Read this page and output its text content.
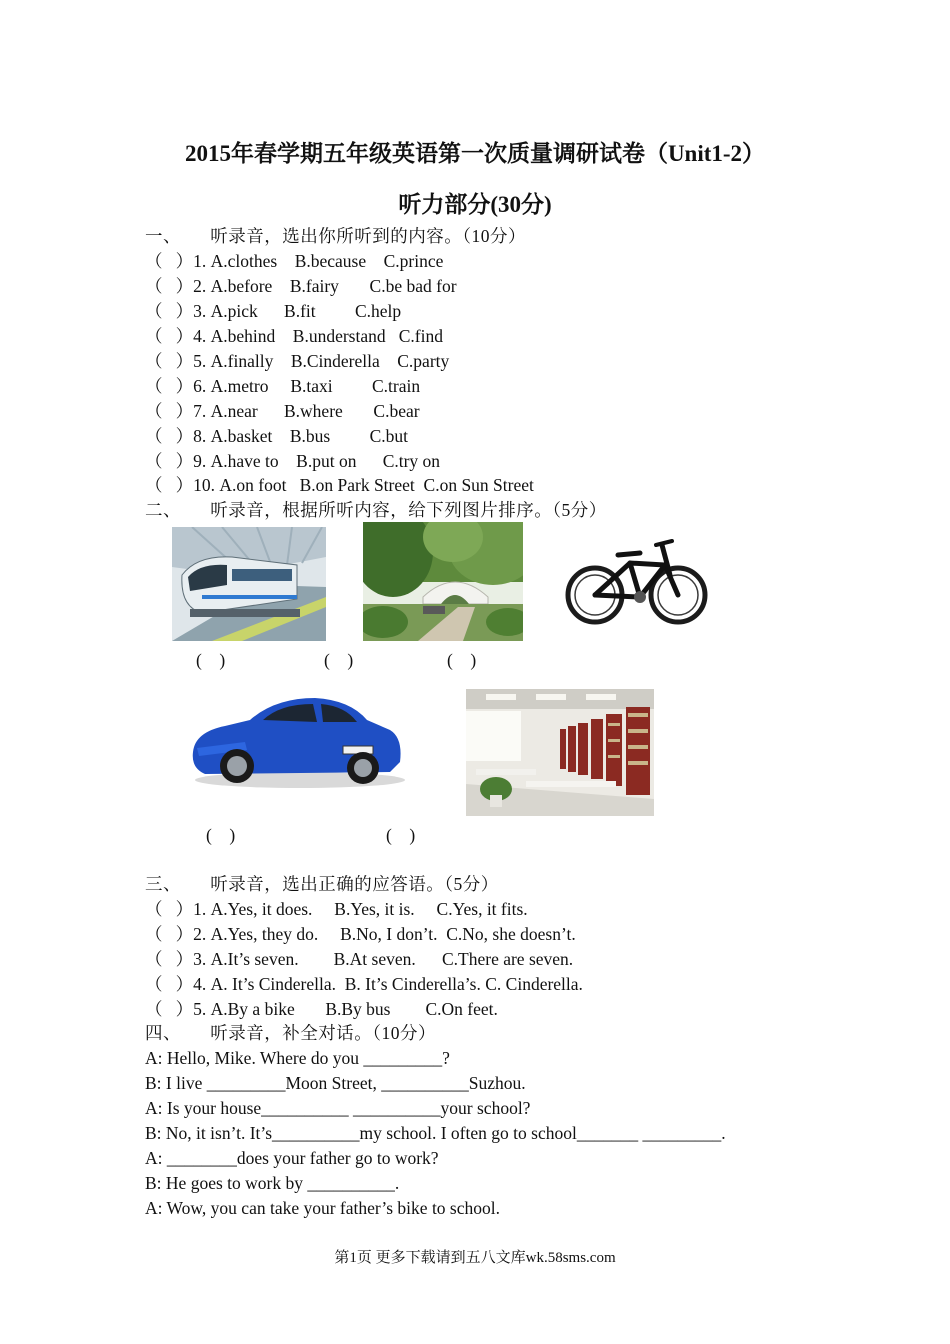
2015年春学期五年级英语第一次质量调研试卷（Unit1-2）
听力部分(30分)
一、      听录音，选出你所听到的内容。（10分）
（   ）1. A.clothes    B.because    C.prince
（   ）2. A.before    B.fairy       C.be bad for
（   ）3. A.pick      B.fit         C.help
（   ）4. A.behind    B.understand   C.find
（   ）5. A.finally    B.Cinderella    C.party
（   ）6. A.metro     B.taxi         C.train
（   ）7. A.near      B.where       C.bear
（   ）8. A.basket    B.bus         C.but
（   ）9. A.have to    B.put on      C.try on
（   ）10. A.on foot   B.on Park Street  C.on Sun Street
二、      听录音，根据所听内容，给下列图片排序。（5分）
(    )	(    )	(    )
(    )	(    )
三、      听录音，选出正确的应答语。（5分）
（   ）1. A.Yes, it does.     B.Yes, it is.     C.Yes, it fits.
（   ）2. A.Yes, they do.     B.No, I don’t.  C.No, she doesn’t.
（   ）3. A.It’s seven.        B.At seven.      C.There are seven.
（   ）4. A. It’s Cinderella.  B. It’s Cinderella’s. C. Cinderella.
（   ）5. A.By a bike       B.By bus        C.On feet.
四、      听录音，补全对话。（10分）
A: Hello, Mike. Where do you _________?
B: I live _________Moon Street, __________Suzhou.
A: Is your house__________ __________your school?
B: No, it isn’t. It’s__________my school. I often go to school_______ _________.
A: ________does your father go to work?
B: He goes to work by __________.
A: Wow, you can take your father’s bike to school.
第1页 更多下载请到五八文库wk.58sms.com
